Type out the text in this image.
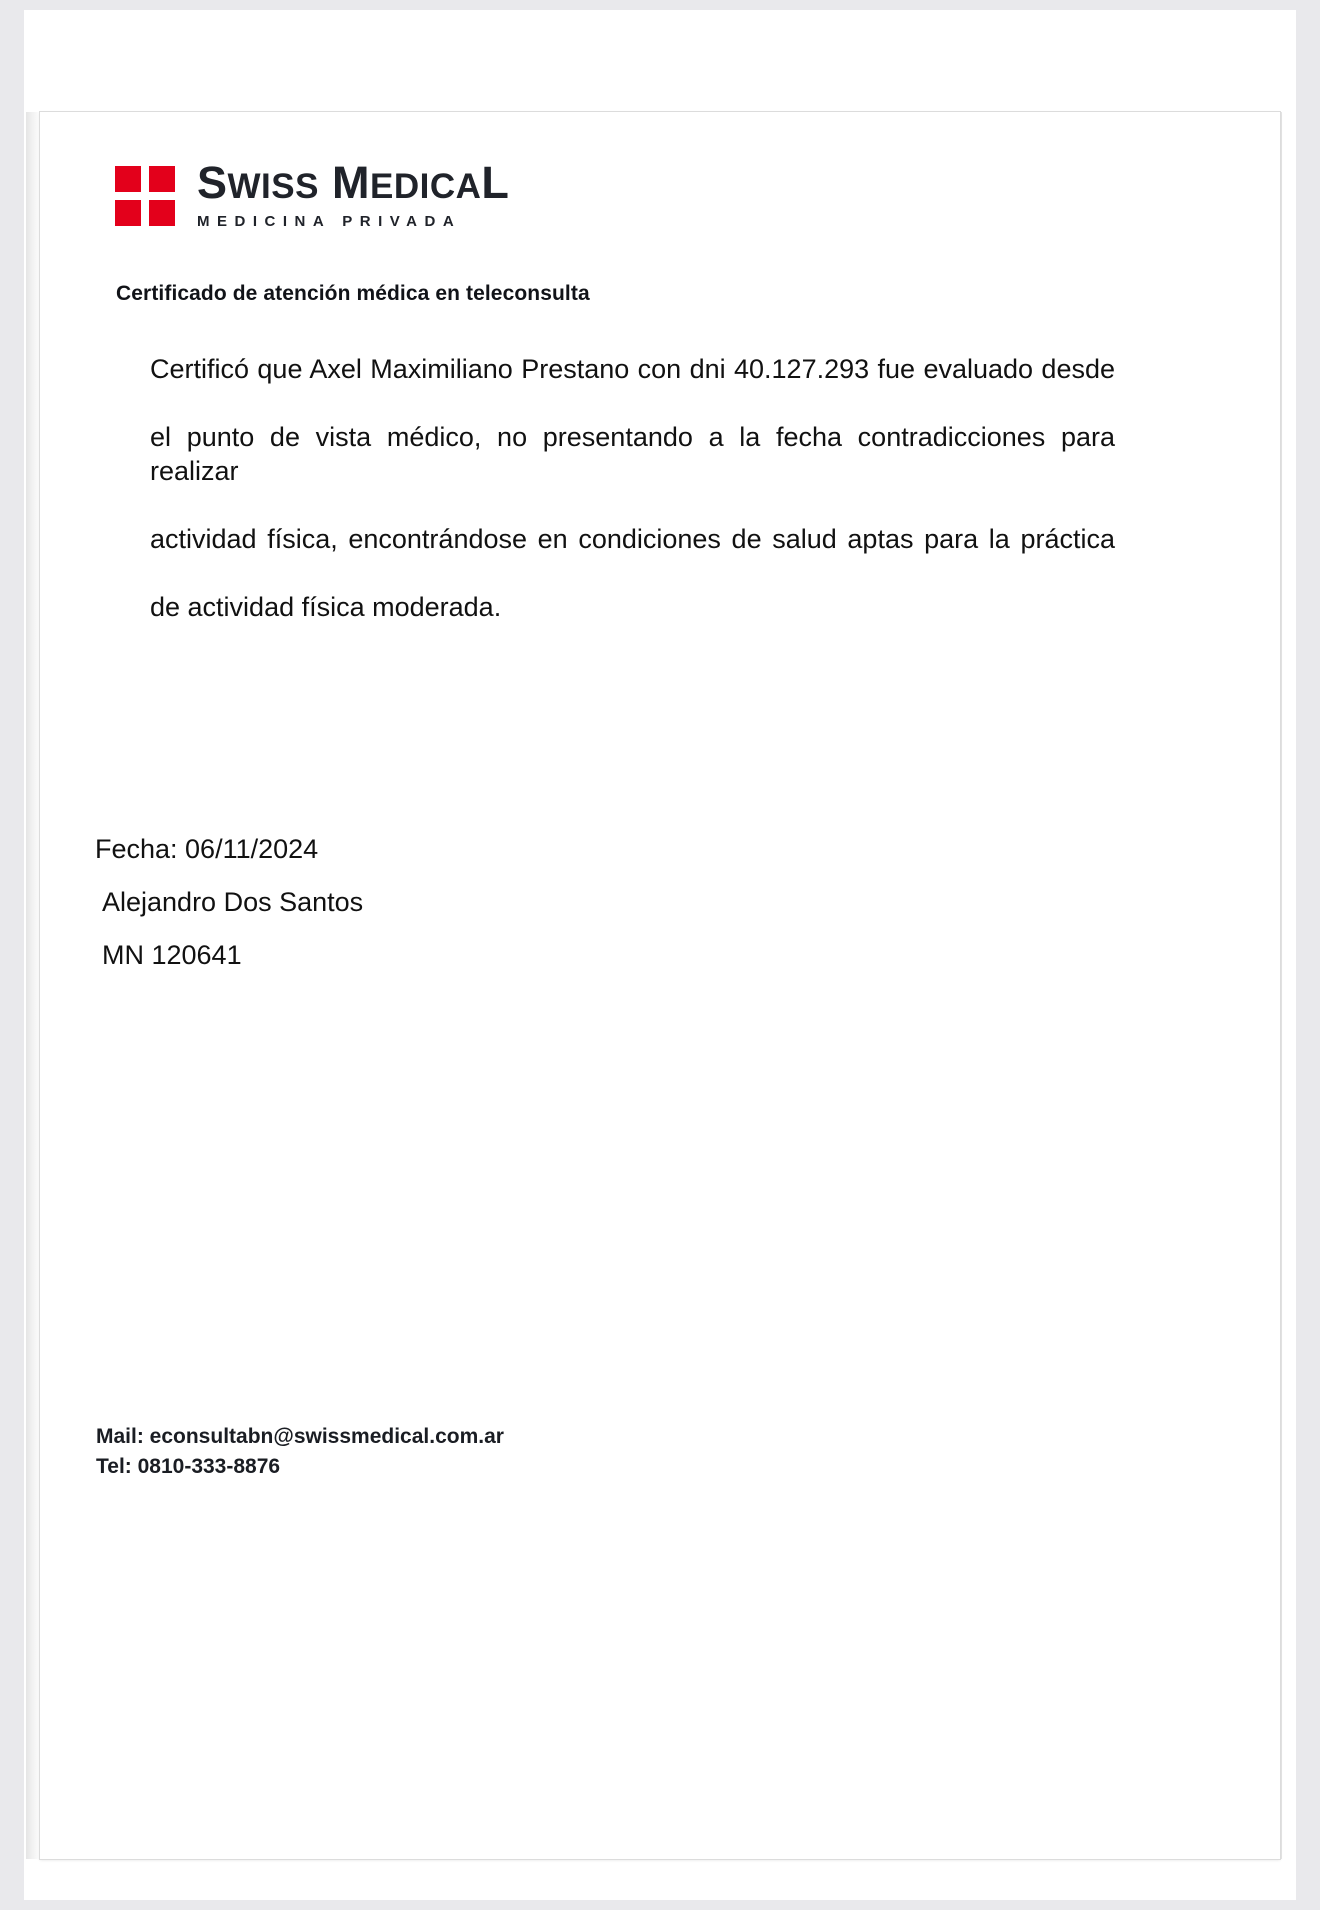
SWISS MEDICAL
MEDICINA PRIVADA
Certificado de atención médica en teleconsulta

Certificó que Axel Maximiliano Prestano con dni 40.127.293 fue evaluado desde

el punto de vista médico, no presentando a la fecha contradicciones para realizar

actividad física, encontrándose en condiciones de salud aptas para la práctica

de actividad física moderada.

Fecha: 06/11/2024
Alejandro Dos Santos
MN 120641
Mail: econsultabn@swissmedical.com.ar
Tel: 0810-333-8876
